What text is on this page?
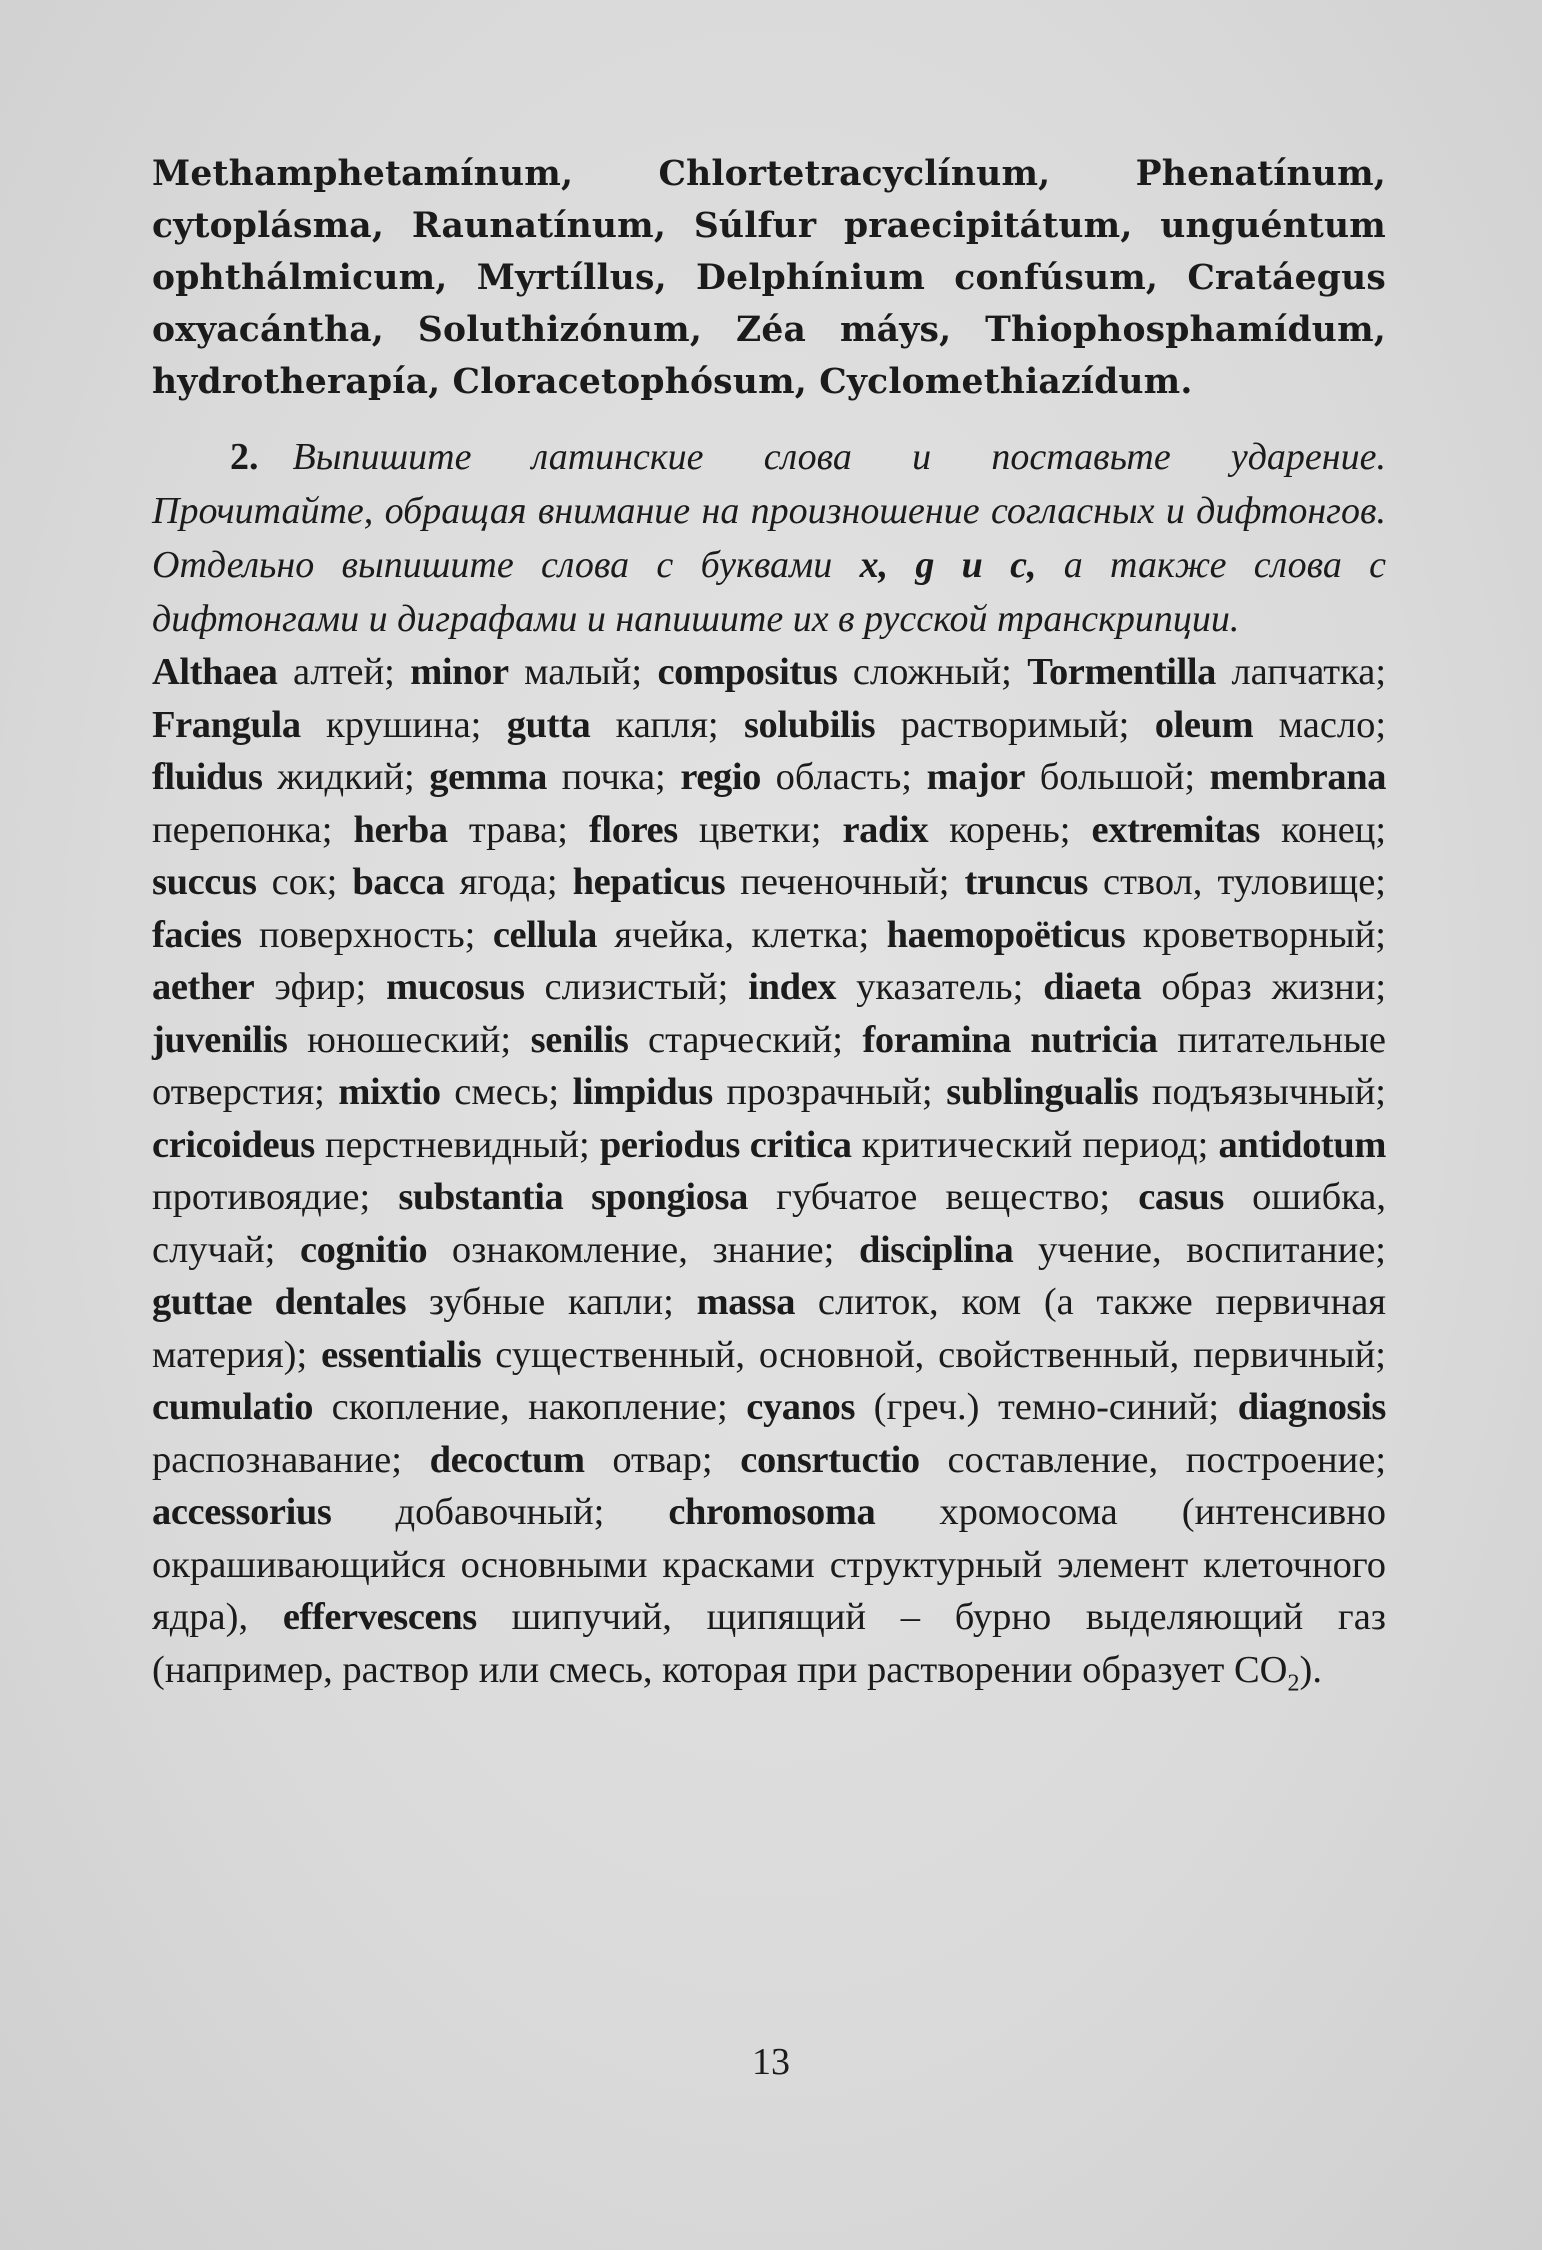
Methamphetamínum, Chlortetracyclínum, Phenatínum, cytoplásma, Raunatínum, Súlfur praecipitátum, unguéntum ophthálmicum, Myrtíllus, Delphínium confúsum, Cratáegus oxyacántha, Soluthizónum, Zéa máys, Thiophosphamídum, hydrotherapía, Cloracetophósum, Cyclomethiazídum.

2. Выпишите латинские слова и поставьте ударение.
Прочитайте, обращая внимание на произношение согласных и дифтонгов. Отдельно выпишите слова с буквами x, g и c, а также слова с дифтонгами и диграфами и напишите их в русской транскрипции.

Althaea алтей; minor малый; compositus сложный; Tormentilla лапчатка; Frangula крушина; gutta капля; solubilis растворимый; oleum масло; fluidus жидкий; gemma почка; regio область; major большой; membrana перепонка; herba трава; flores цветки; radix корень; extremitas конец; succus сок; bacca ягода; hepaticus печеночный; truncus ствол, туловище; facies поверхность; cellula ячейка, клетка; haemopoëticus кроветворный; aether эфир; mucosus слизистый; index указатель; diaeta образ жизни; juvenilis юношеский; senilis старческий; foramina nutricia питательные отверстия; mixtio смесь; limpidus прозрачный; sublingualis подъязычный; cricoideus перстневидный; periodus critica критический период; antidotum противоядие; substantia spongiosa губчатое вещество; casus ошибка, случай; cognitio ознакомление, знание; disciplina учение, воспитание; guttae dentales зубные капли; massa слиток, ком (а также первичная материя); essentialis существенный, основной, свойственный, первичный; cumulatio скопление, накопление; cyanos (греч.) темно-синий; diagnosis распознавание; decoctum отвар; consrtuctio составление, построение; accessorius добавочный; chromosoma хромосома (интенсивно окрашивающийся основными красками структурный элемент клеточного ядра), effervescens шипучий, щипящий – бурно выделяющий газ (например, раствор или смесь, которая при растворении образует $CO_2$).

13
